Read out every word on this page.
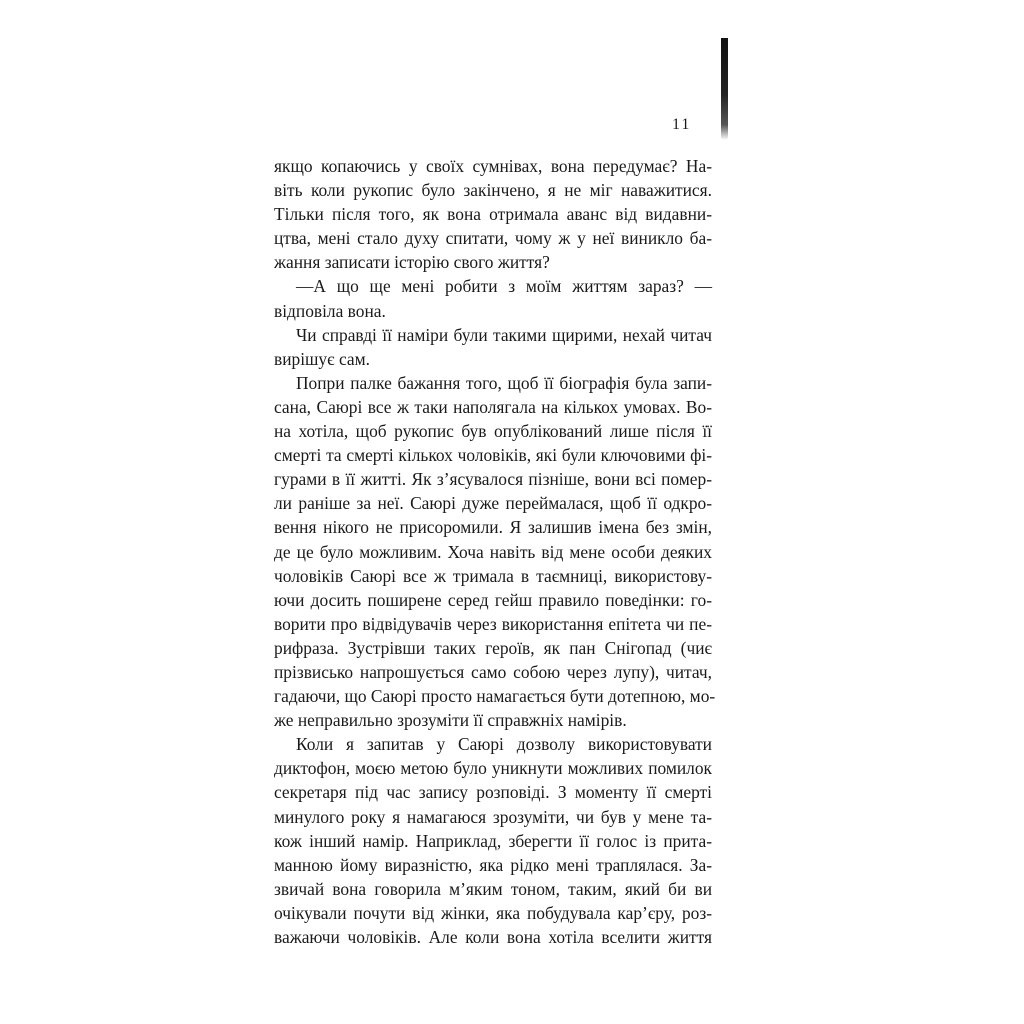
11
якщо копаючись у своїх сумнівах, вона передумає? На-
віть коли рукопис було закінчено, я не міг наважитися.
Тільки після того, як вона отримала аванс від видавни-
цтва, мені стало духу спитати, чому ж у неї виникло ба-
жання записати історію свого життя?
—А що ще мені робити з моїм життям зараз? —
відповіла вона.
Чи справді її наміри були такими щирими, нехай читач
вирішує сам.
Попри палке бажання того, щоб її біографія була запи-
сана, Саюрі все ж таки наполягала на кількох умовах. Во-
на хотіла, щоб рукопис був опублікований лише після її
смерті та смерті кількох чоловіків, які були ключовими фі-
гурами в її житті. Як з’ясувалося пізніше, вони всі помер-
ли раніше за неї. Саюрі дуже переймалася, щоб її одкро-
вення нікого не присоромили. Я залишив імена без змін,
де це було можливим. Хоча навіть від мене особи деяких
чоловіків Саюрі все ж тримала в таємниці, використову-
ючи досить поширене серед гейш правило поведінки: го-
ворити про відвідувачів через використання епітета чи пе-
рифраза. Зустрівши таких героїв, як пан Снігопад (чиє
прізвисько напрошується само собою через лупу), читач,
гадаючи, що Саюрі просто намагається бути дотепною, мо-
же неправильно зрозуміти її справжніх намірів.
Коли я запитав у Саюрі дозволу використовувати
диктофон, моєю метою було уникнути можливих помилок
секретаря під час запису розповіді. З моменту її смерті
минулого року я намагаюся зрозуміти, чи був у мене та-
кож інший намір. Наприклад, зберегти її голос із прита-
манною йому виразністю, яка рідко мені траплялася. За-
звичай вона говорила м’яким тоном, таким, який би ви
очікували почути від жінки, яка побудувала кар’єру, роз-
важаючи чоловіків. Але коли вона хотіла вселити життя
